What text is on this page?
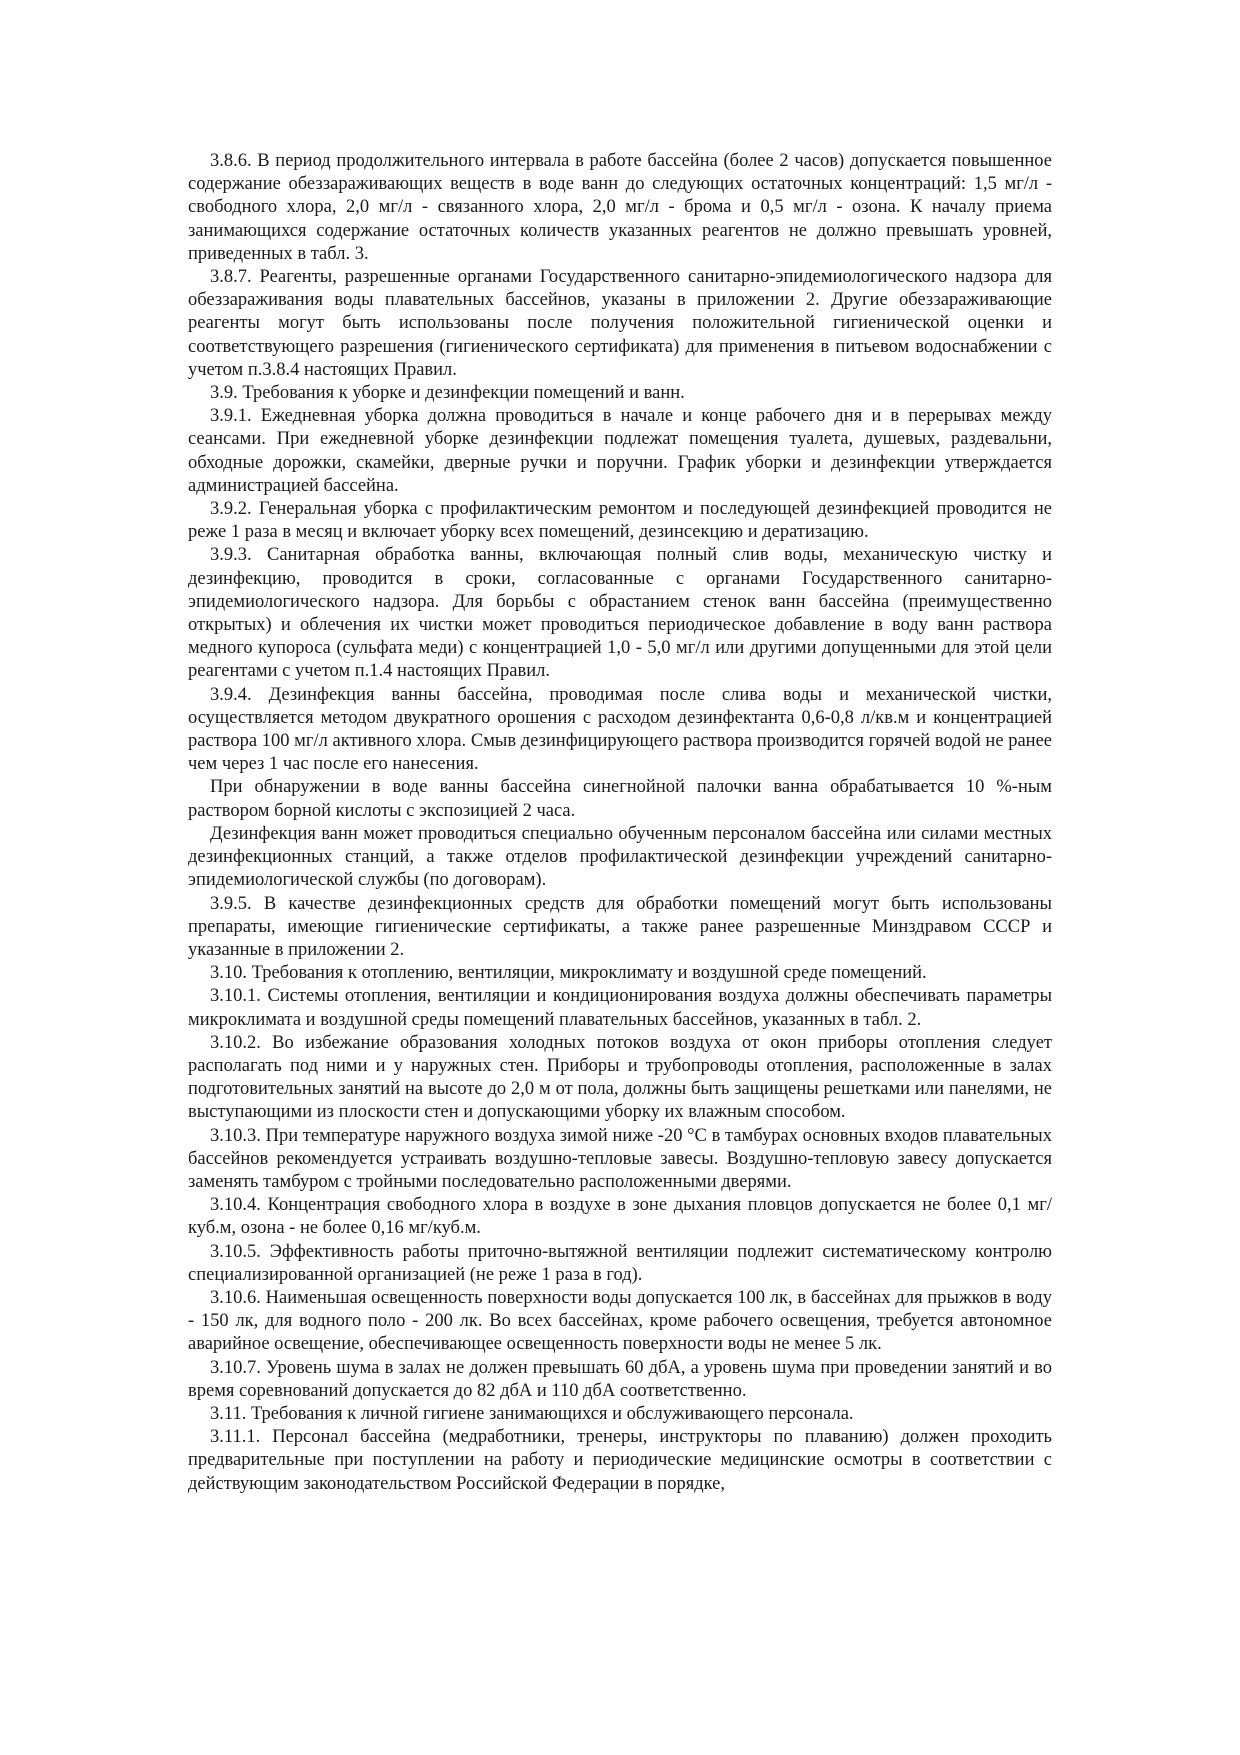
3.8.6. В период продолжительного интервала в работе бассейна (более 2 часов) допускается повышенное содержание обеззараживающих веществ в воде ванн до следующих остаточных концентраций: 1,5 мг/л - свободного хлора, 2,0 мг/л - связанного хлора, 2,0 мг/л - брома и 0,5 мг/л - озона. К началу приема занимающихся содержание остаточных количеств указанных реагентов не должно превышать уровней, приведенных в табл. 3.

3.8.7. Реагенты, разрешенные органами Государственного санитарно-эпидемиологического надзора для обеззараживания воды плавательных бассейнов, указаны в приложении 2. Другие обеззараживающие реагенты могут быть использованы после получения положительной гигиенической оценки и соответствующего разрешения (гигиенического сертификата) для применения в питьевом водоснабжении с учетом п.3.8.4 настоящих Правил.

3.9. Требования к уборке и дезинфекции помещений и ванн.

3.9.1. Ежедневная уборка должна проводиться в начале и конце рабочего дня и в перерывах между сеансами. При ежедневной уборке дезинфекции подлежат помещения туалета, душевых, раздевальни, обходные дорожки, скамейки, дверные ручки и поручни. График уборки и дезинфекции утверждается администрацией бассейна.

3.9.2. Генеральная уборка с профилактическим ремонтом и последующей дезинфекцией проводится не реже 1 раза в месяц и включает уборку всех помещений, дезинсекцию и дератизацию.

3.9.3. Санитарная обработка ванны, включающая полный слив воды, механическую чистку и дезинфекцию, проводится в сроки, согласованные с органами Государственного санитарно-эпидемиологического надзора. Для борьбы с обрастанием стенок ванн бассейна (преимущественно открытых) и облечения их чистки может проводиться периодическое добавление в воду ванн раствора медного купороса (сульфата меди) с концентрацией 1,0 - 5,0 мг/л или другими допущенными для этой цели реагентами с учетом п.1.4 настоящих Правил.

3.9.4. Дезинфекция ванны бассейна, проводимая после слива воды и механической чистки, осуществляется методом двукратного орошения с расходом дезинфектанта 0,6-0,8 л/кв.м и концентрацией раствора 100 мг/л активного хлора. Смыв дезинфицирующего раствора производится горячей водой не ранее чем через 1 час после его нанесения.

При обнаружении в воде ванны бассейна синегнойной палочки ванна обрабатывается 10 %-ным раствором борной кислоты с экспозицией 2 часа.

Дезинфекция ванн может проводиться специально обученным персоналом бассейна или силами местных дезинфекционных станций, а также отделов профилактической дезинфекции учреждений санитарно-эпидемиологической службы (по договорам).

3.9.5. В качестве дезинфекционных средств для обработки помещений могут быть использованы препараты, имеющие гигиенические сертификаты, а также ранее разрешенные Минздравом СССР и указанные в приложении 2.

3.10. Требования к отоплению, вентиляции, микроклимату и воздушной среде помещений.

3.10.1. Системы отопления, вентиляции и кондиционирования воздуха должны обеспечивать параметры микроклимата и воздушной среды помещений плавательных бассейнов, указанных в табл. 2.

3.10.2. Во избежание образования холодных потоков воздуха от окон приборы отопления следует располагать под ними и у наружных стен. Приборы и трубопроводы отопления, расположенные в залах подготовительных занятий на высоте до 2,0 м от пола, должны быть защищены решетками или панелями, не выступающими из плоскости стен и допускающими уборку их влажным способом.

3.10.3. При температуре наружного воздуха зимой ниже -20 °С в тамбурах основных входов плавательных бассейнов рекомендуется устраивать воздушно-тепловые завесы. Воздушно-тепловую завесу допускается заменять тамбуром с тройными последовательно расположенными дверями.

3.10.4. Концентрация свободного хлора в воздухе в зоне дыхания пловцов допускается не более 0,1 мг/куб.м, озона - не более 0,16 мг/куб.м.

3.10.5. Эффективность работы приточно-вытяжной вентиляции подлежит систематическому контролю специализированной организацией (не реже 1 раза в год).

3.10.6. Наименьшая освещенность поверхности воды допускается 100 лк, в бассейнах для прыжков в воду - 150 лк, для водного поло - 200 лк. Во всех бассейнах, кроме рабочего освещения, требуется автономное аварийное освещение, обеспечивающее освещенность поверхности воды не менее 5 лк.

3.10.7. Уровень шума в залах не должен превышать 60 дбА, а уровень шума при проведении занятий и во время соревнований допускается до 82 дбА и 110 дбА соответственно.

3.11. Требования к личной гигиене занимающихся и обслуживающего персонала.

3.11.1. Персонал бассейна (медработники, тренеры, инструкторы по плаванию) должен проходить предварительные при поступлении на работу и периодические медицинские осмотры в соответствии с действующим законодательством Российской Федерации в порядке,
